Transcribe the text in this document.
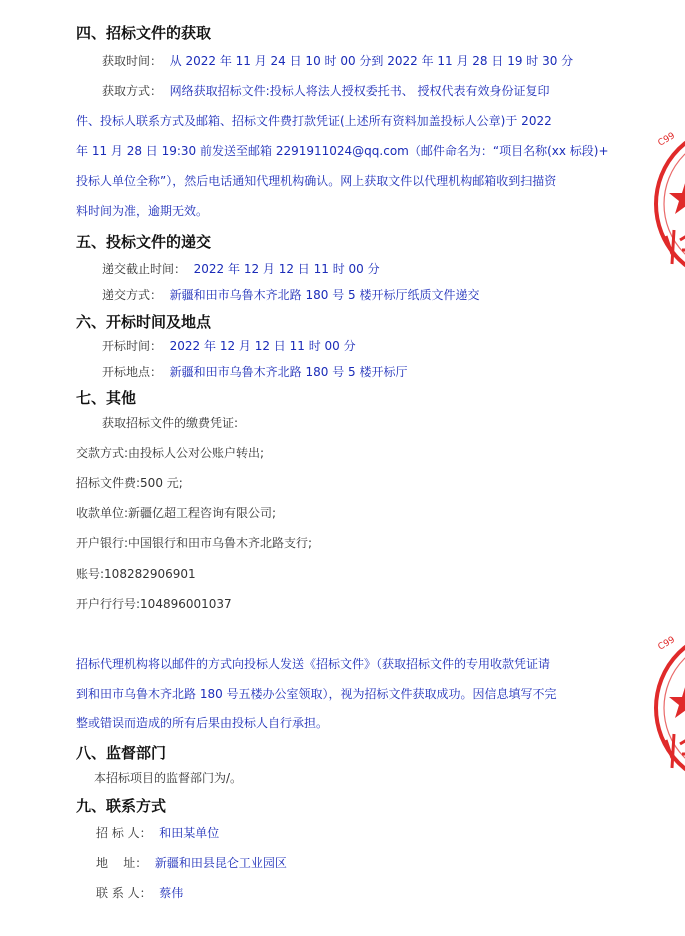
四、招标文件的获取
获取时间： 从 2022 年 11 月 24 日 10 时 00 分到 2022 年 11 月 28 日 19 时 30 分
获取方式： 网络获取招标文件:投标人将法人授权委托书、 授权代表有效身份证复印
件、投标人联系方式及邮箱、招标文件费打款凭证(上述所有资料加盖投标人公章)于 2022
年 11 月 28 日 19:30 前发送至邮箱 2291911024@qq.com（邮件命名为：“项目名称(xx 标段)+
投标人单位全称”），然后电话通知代理机构确认。网上获取文件以代理机构邮箱收到扫描资
料时间为准，逾期无效。
五、投标文件的递交
递交截止时间： 2022 年 12 月 12 日 11 时 00 分
递交方式： 新疆和田市乌鲁木齐北路 180 号 5 楼开标厅纸质文件递交
六、开标时间及地点
开标时间： 2022 年 12 月 12 日 11 时 00 分
开标地点： 新疆和田市乌鲁木齐北路 180 号 5 楼开标厅
七、其他
获取招标文件的缴费凭证:
交款方式:由投标人公对公账户转出;
招标文件费:500 元;
收款单位:新疆亿超工程咨询有限公司;
开户银行:中国银行和田市乌鲁木齐北路支行;
账号:108282906901
开户行行号:104896001037
招标代理机构将以邮件的方式向投标人发送《招标文件》（获取招标文件的专用收款凭证请
到和田市乌鲁木齐北路 180 号五楼办公室领取），视为招标文件获取成功。因信息填写不完
整或错误而造成的所有后果由投标人自行承担。
八、监督部门
本招标项目的监督部门为/。
九、联系方式
招 标 人： 和田某单位
地    址： 新疆和田县昆仑工业园区
联 系 人： 蔡伟
C99
C99
